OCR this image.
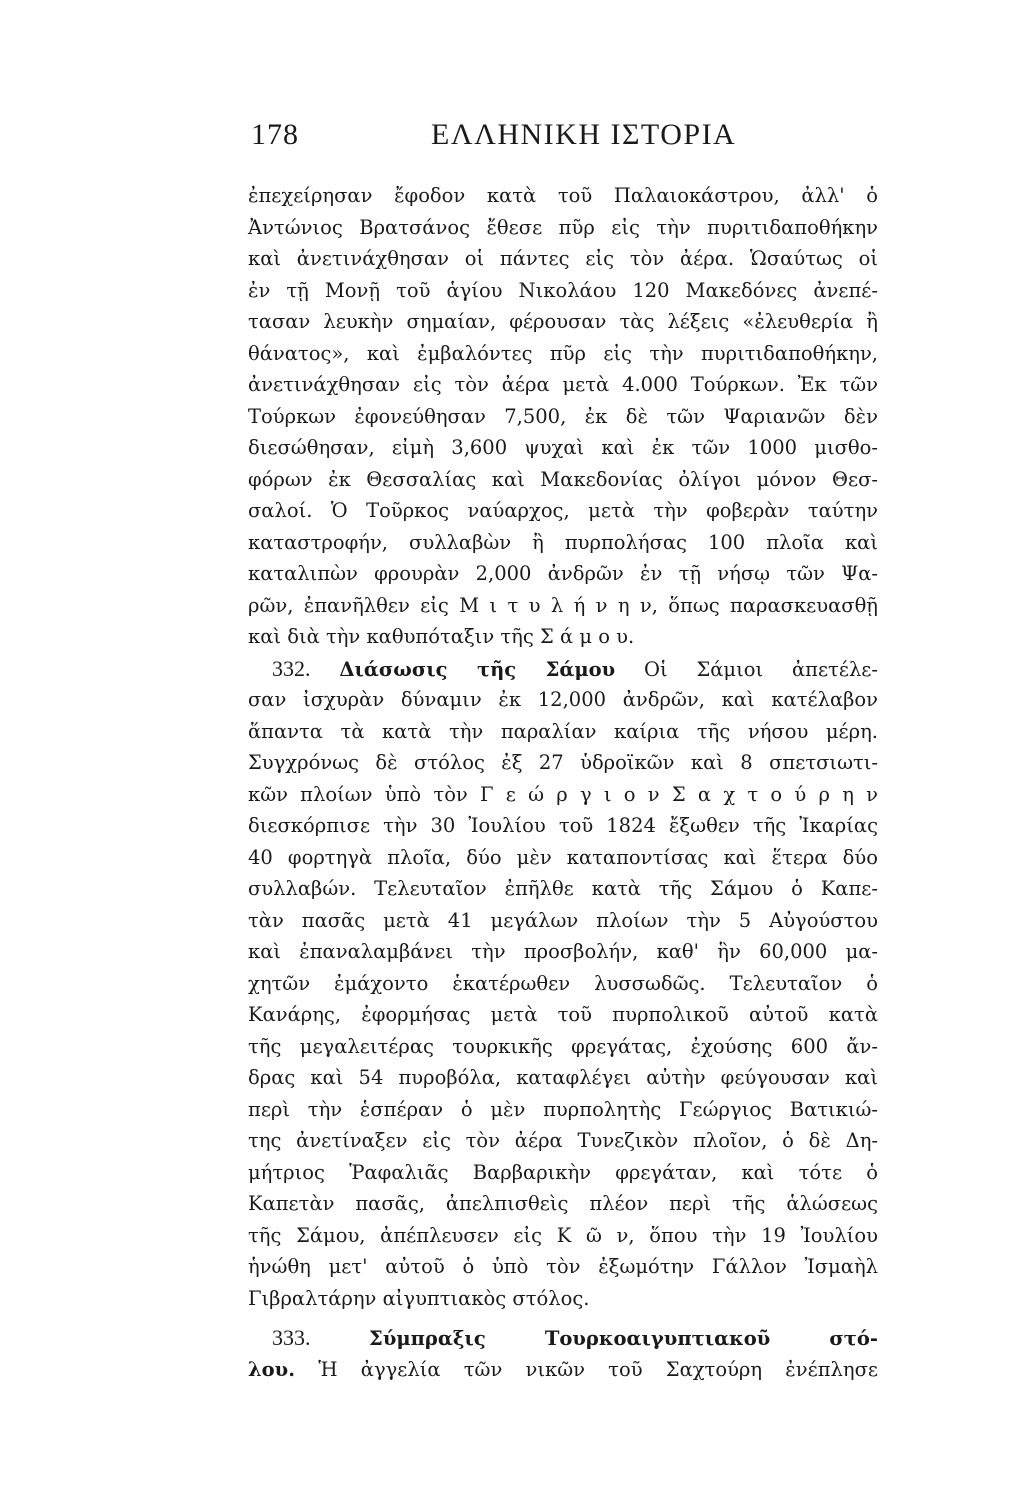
178	ΕΛΛΗΝΙΚΗ ΙΣΤΟΡΙΑ
ἐπεχείρησαν ἔφοδον κατὰ τοῦ Παλαιοκάστρου, ἀλλ' ὁ
Ἀντώνιος Βρατσάνος ἔθεσε πῦρ εἰς τὴν πυριτιδαποθήκην
καὶ ἀνετινάχθησαν οἱ πάντες εἰς τὸν ἀέρα. Ὡσαύτως οἱ
ἐν τῇ Μονῇ τοῦ ἁγίου Νικολάου 120 Μακεδόνες ἀνεπέ-
τασαν λευκὴν σημαίαν, φέρουσαν τὰς λέξεις «ἐλευθερία ἢ
θάνατος», καὶ ἐμβαλόντες πῦρ εἰς τὴν πυριτιδαποθήκην,
ἀνετινάχθησαν εἰς τὸν ἀέρα μετὰ 4.000 Τούρκων. Ἐκ τῶν
Τούρκων ἐφονεύθησαν 7,500, ἐκ δὲ τῶν Ψαριανῶν δὲν
διεσώθησαν, εἰμὴ 3,600 ψυχαὶ καὶ ἐκ τῶν 1000 μισθο-
φόρων ἐκ Θεσσαλίας καὶ Μακεδονίας ὀλίγοι μόνον Θεσ-
σαλοί. Ὁ Τοῦρκος ναύαρχος, μετὰ τὴν φοβερὰν ταύτην
καταστροφήν, συλλαβὼν ἢ πυρπολήσας 100 πλοῖα καὶ
καταλιπὼν φρουρὰν 2,000 ἀνδρῶν ἐν τῇ νήσῳ τῶν Ψα-
ρῶν, ἐπανῆλθεν εἰς Μ ι τ υ λ ή ν η ν, ὅπως παρασκευασθῇ
καὶ διὰ τὴν καθυπόταξιν τῆς Σ ά μ ο υ.
332. Διάσωσις τῆς Σάμου Οἱ Σάμιοι ἀπετέλε-
σαν ἰσχυρὰν δύναμιν ἐκ 12,000 ἀνδρῶν, καὶ κατέλαβον
ἅπαντα τὰ κατὰ τὴν παραλίαν καίρια τῆς νήσου μέρη.
Συγχρόνως δὲ στόλος ἐξ 27 ὑδροϊκῶν καὶ 8 σπετσιωτι-
κῶν πλοίων ὑπὸ τὸν Γ ε ώ ρ γ ι ο ν Σ α χ τ ο ύ ρ η ν
διεσκόρπισε τὴν 30 Ἰουλίου τοῦ 1824 ἔξωθεν τῆς Ἰκαρίας
40 φορτηγὰ πλοῖα, δύο μὲν καταποντίσας καὶ ἕτερα δύο
συλλαβών. Τελευταῖον ἐπῆλθε κατὰ τῆς Σάμου ὁ Καπε-
τὰν πασᾶς μετὰ 41 μεγάλων πλοίων τὴν 5 Αὐγούστου
καὶ ἐπαναλαμβάνει τὴν προσβολήν, καθ' ἣν 60,000 μα-
χητῶν ἐμάχοντο ἑκατέρωθεν λυσσωδῶς. Τελευταῖον ὁ
Κανάρης, ἐφορμήσας μετὰ τοῦ πυρπολικοῦ αὐτοῦ κατὰ
τῆς μεγαλειτέρας τουρκικῆς φρεγάτας, ἐχούσης 600 ἄν-
δρας καὶ 54 πυροβόλα, καταφλέγει αὐτὴν φεύγουσαν καὶ
περὶ τὴν ἑσπέραν ὁ μὲν πυρπολητὴς Γεώργιος Βατικιώ-
της ἀνετίναξεν εἰς τὸν ἀέρα Τυνεζικὸν πλοῖον, ὁ δὲ Δη-
μήτριος Ῥαφαλιᾶς Βαρβαρικὴν φρεγάταν, καὶ τότε ὁ
Καπετὰν πασᾶς, ἀπελπισθεὶς πλέον περὶ τῆς ἁλώσεως
τῆς Σάμου, ἀπέπλευσεν εἰς Κ ῶ ν, ὅπου τὴν 19 Ἰουλίου
ἡνώθη μετ' αὐτοῦ ὁ ὑπὸ τὸν ἐξωμότην Γάλλον Ἰσμαὴλ
Γιβραλτάρην αἰγυπτιακὸς στόλος.
333.	Σύμπραξις Τουρκοαιγυπτιακοῦ στό-
λου. Ἡ ἀγγελία τῶν νικῶν τοῦ Σαχτούρη ἐνέπλησε
